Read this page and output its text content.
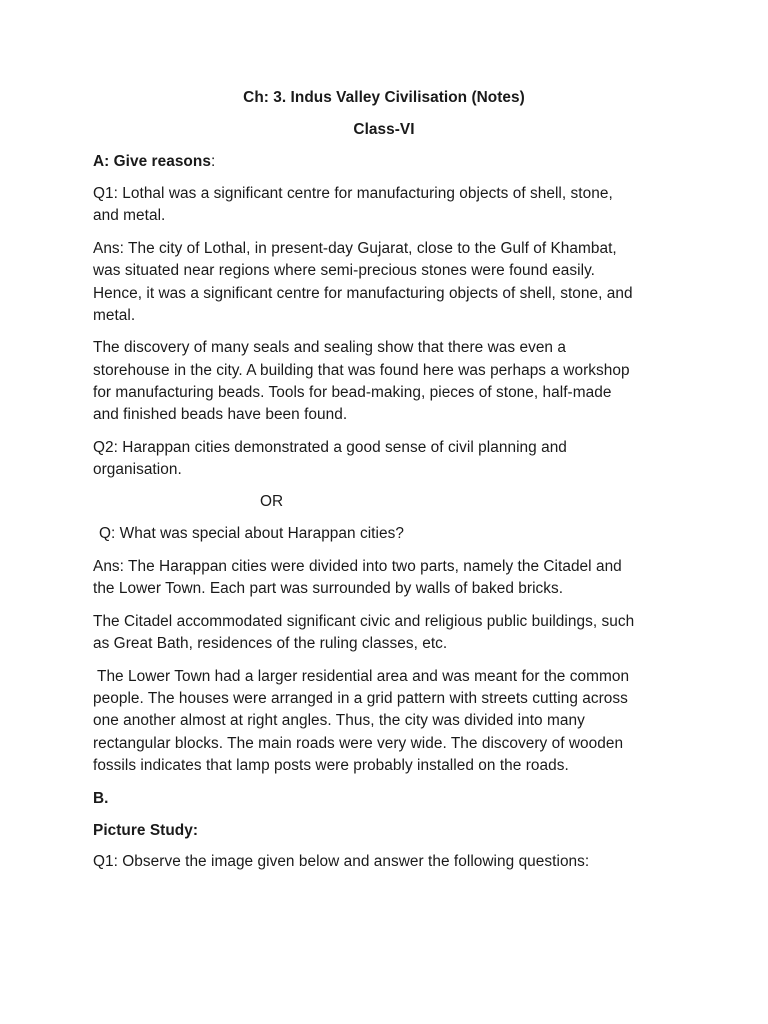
Ch: 3. Indus Valley Civilisation (Notes)
Class-VI
A: Give reasons:
Q1: Lothal was a significant centre for manufacturing objects of shell, stone,
and metal.
Ans: The city of Lothal, in present-day Gujarat, close to the Gulf of Khambat,
was situated near regions where semi-precious stones were found easily.
Hence, it was a significant centre for manufacturing objects of shell, stone, and
metal.
The discovery of many seals and sealing show that there was even a
storehouse in the city. A building that was found here was perhaps a workshop
for manufacturing beads. Tools for bead-making, pieces of stone, half-made
and finished beads have been found.
Q2: Harappan cities demonstrated a good sense of civil planning and
organisation.
OR
Q: What was special about Harappan cities?
Ans: The Harappan cities were divided into two parts, namely the Citadel and
the Lower Town. Each part was surrounded by walls of baked bricks.
The Citadel accommodated significant civic and religious public buildings, such
as Great Bath, residences of the ruling classes, etc.
The Lower Town had a larger residential area and was meant for the common
people. The houses were arranged in a grid pattern with streets cutting across
one another almost at right angles. Thus, the city was divided into many
rectangular blocks. The main roads were very wide. The discovery of wooden
fossils indicates that lamp posts were probably installed on the roads.
B.
Picture Study:
Q1: Observe the image given below and answer the following questions:
